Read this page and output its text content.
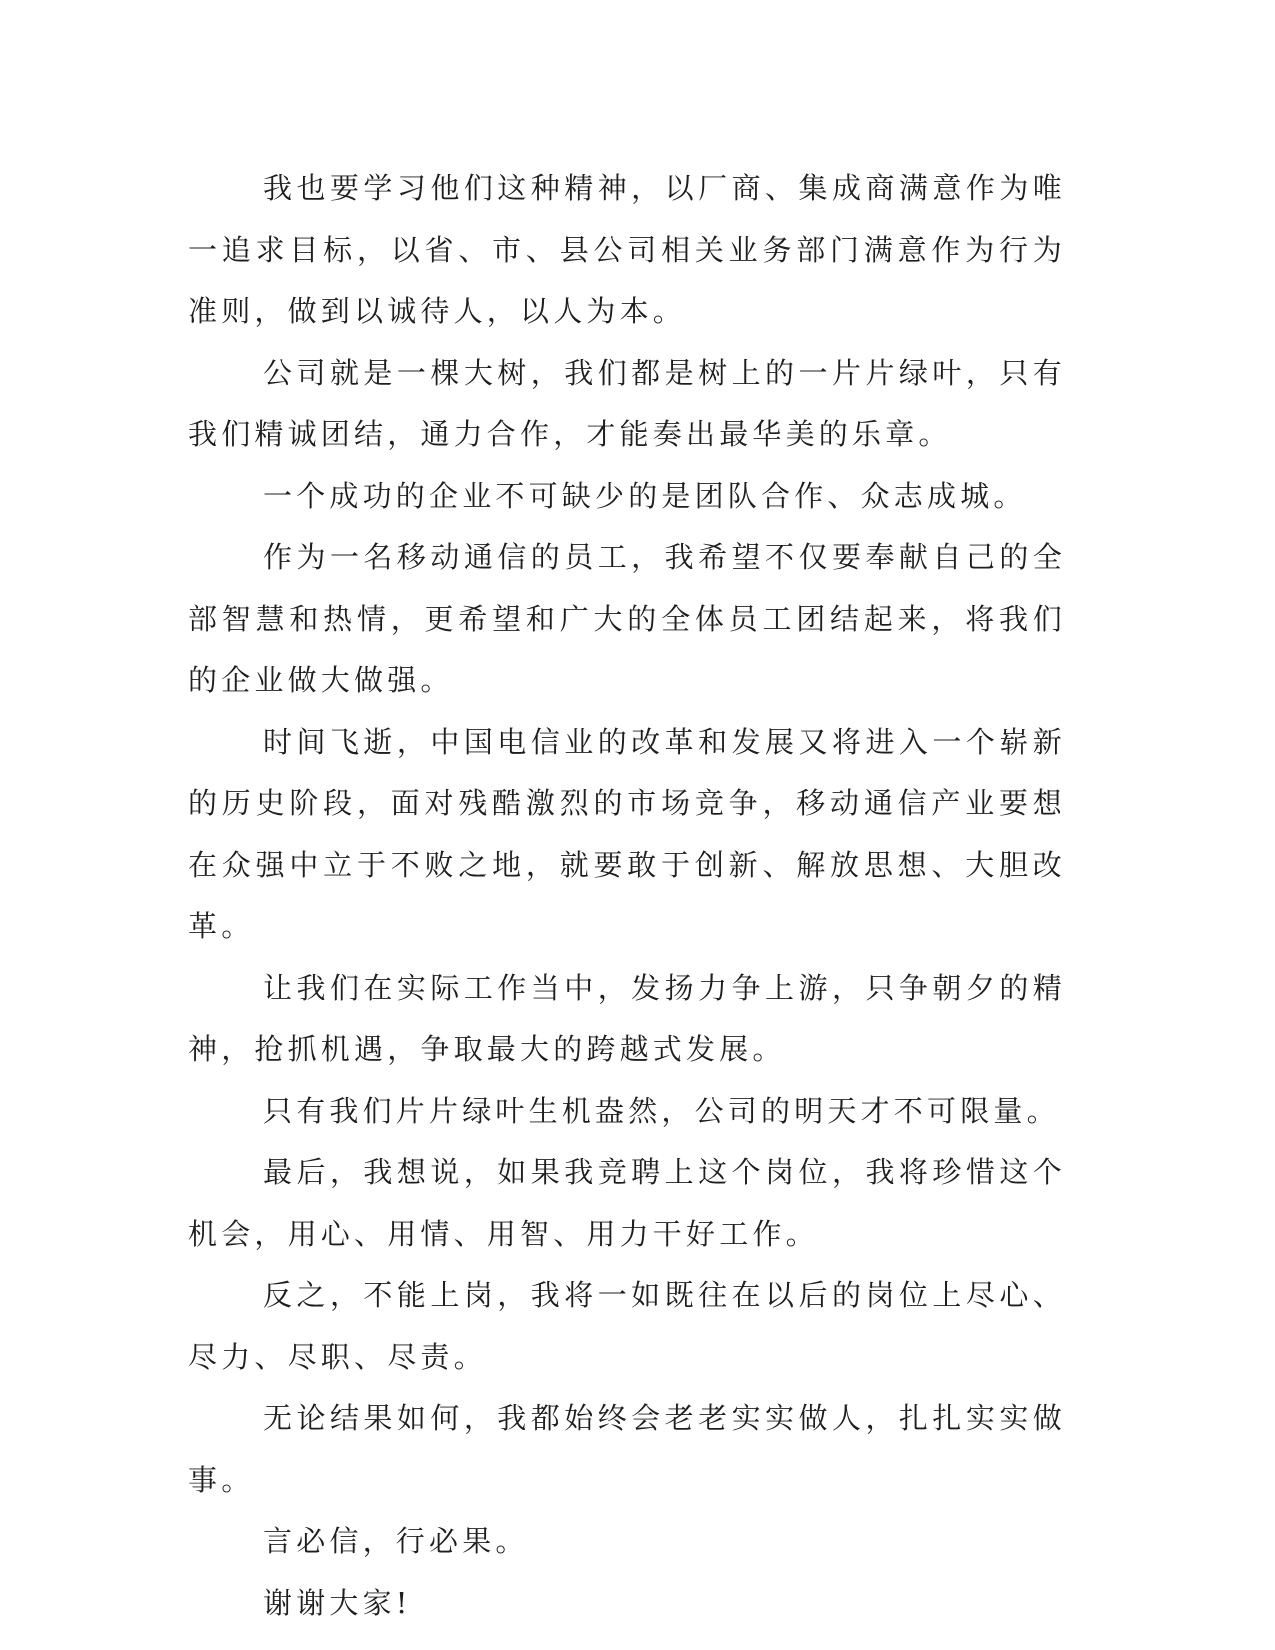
我也要学习他们这种精神，以厂商、集成商满意作为唯一追求目标，以省、市、县公司相关业务部门满意作为行为准则，做到以诚待人，以人为本。

公司就是一棵大树，我们都是树上的一片片绿叶，只有我们精诚团结，通力合作，才能奏出最华美的乐章。

一个成功的企业不可缺少的是团队合作、众志成城。

作为一名移动通信的员工，我希望不仅要奉献自己的全部智慧和热情，更希望和广大的全体员工团结起来，将我们的企业做大做强。

时间飞逝，中国电信业的改革和发展又将进入一个崭新的历史阶段，面对残酷激烈的市场竞争，移动通信产业要想在众强中立于不败之地，就要敢于创新、解放思想、大胆改革。

让我们在实际工作当中，发扬力争上游，只争朝夕的精神，抢抓机遇，争取最大的跨越式发展。

只有我们片片绿叶生机盎然，公司的明天才不可限量。

最后，我想说，如果我竞聘上这个岗位，我将珍惜这个机会，用心、用情、用智、用力干好工作。

反之，不能上岗，我将一如既往在以后的岗位上尽心、尽力、尽职、尽责。

无论结果如何，我都始终会老老实实做人，扎扎实实做事。

言必信，行必果。

谢谢大家!
